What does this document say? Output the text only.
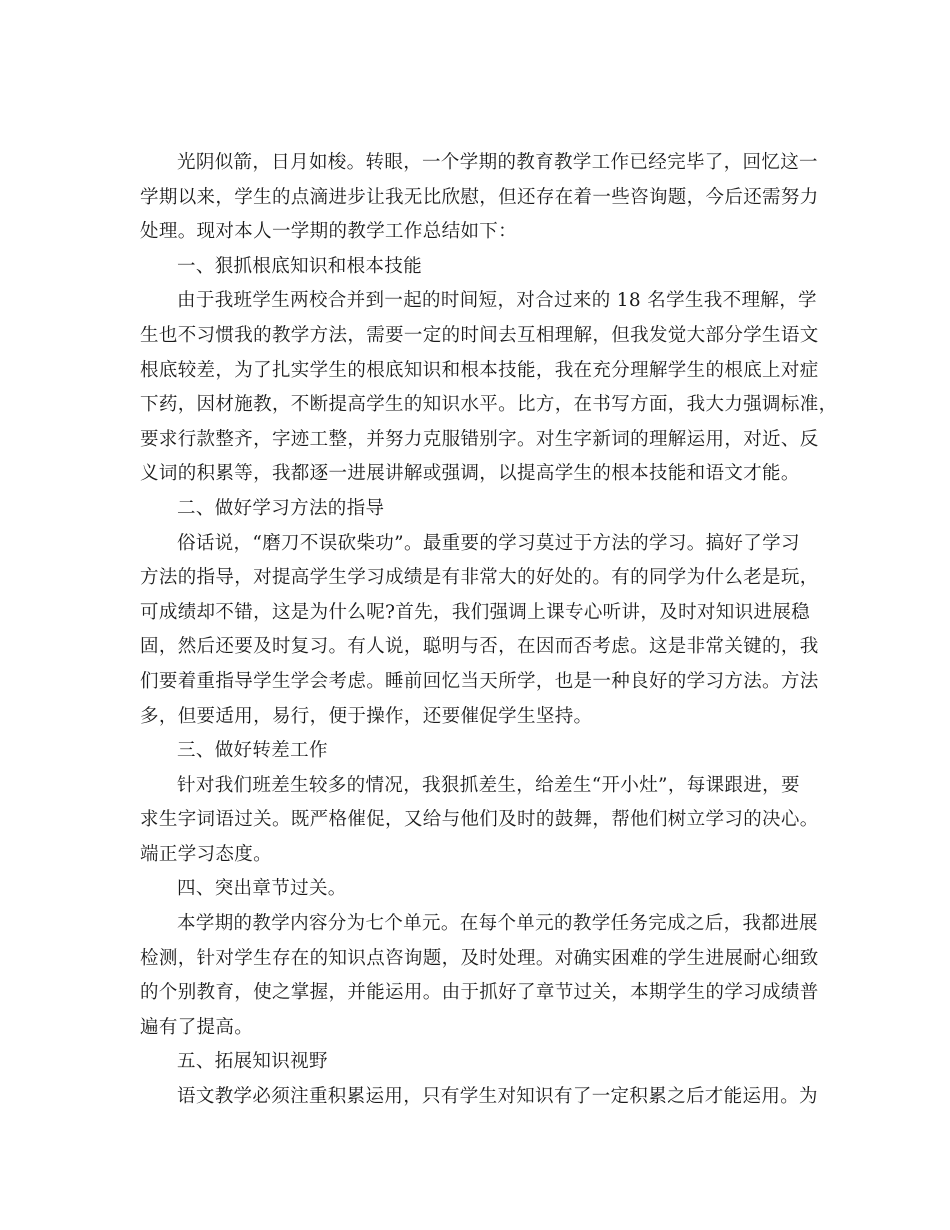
光阴似箭，日月如梭。转眼，一个学期的教育教学工作已经完毕了，回忆这一
学期以来，学生的点滴进步让我无比欣慰，但还存在着一些咨询题，今后还需努力
处理。现对本人一学期的教学工作总结如下：
一、狠抓根底知识和根本技能
由于我班学生两校合并到一起的时间短，对合过来的 18 名学生我不理解，学
生也不习惯我的教学方法，需要一定的时间去互相理解，但我发觉大部分学生语文
根底较差，为了扎实学生的根底知识和根本技能，我在充分理解学生的根底上对症
下药，因材施教，不断提高学生的知识水平。比方，在书写方面，我大力强调标准，
要求行款整齐，字迹工整，并努力克服错别字。对生字新词的理解运用，对近、反
义词的积累等，我都逐一进展讲解或强调，以提高学生的根本技能和语文才能。
二、做好学习方法的指导
俗话说，“磨刀不误砍柴功”。最重要的学习莫过于方法的学习。搞好了学习
方法的指导，对提高学生学习成绩是有非常大的好处的。有的同学为什么老是玩，
可成绩却不错，这是为什么呢?首先，我们强调上课专心听讲，及时对知识进展稳
固，然后还要及时复习。有人说，聪明与否，在因而否考虑。这是非常关键的，我
们要着重指导学生学会考虑。睡前回忆当天所学，也是一种良好的学习方法。方法
多，但要适用，易行，便于操作，还要催促学生坚持。
三、做好转差工作
针对我们班差生较多的情况，我狠抓差生，给差生“开小灶”，每课跟进，要
求生字词语过关。既严格催促，又给与他们及时的鼓舞，帮他们树立学习的决心。
端正学习态度。
四、突出章节过关。
本学期的教学内容分为七个单元。在每个单元的教学任务完成之后，我都进展
检测，针对学生存在的知识点咨询题，及时处理。对确实困难的学生进展耐心细致
的个别教育，使之掌握，并能运用。由于抓好了章节过关，本期学生的学习成绩普
遍有了提高。
五、拓展知识视野
语文教学必须注重积累运用，只有学生对知识有了一定积累之后才能运用。为
